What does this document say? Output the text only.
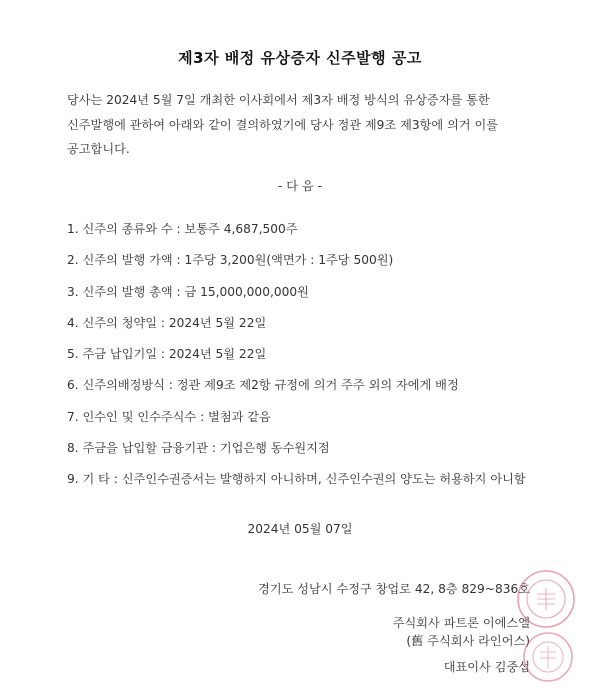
제3자 배정 유상증자 신주발행 공고
당사는 2024년 5월 7일 개최한 이사회에서 제3자 배정 방식의 유상증자를 통한 신주발행에 관하여 아래와 같이 결의하였기에 당사 정관 제9조 제3항에 의거 이를 공고합니다.
- 다 음 -
1. 신주의 종류와 수 : 보통주 4,687,500주
2. 신주의 발행 가액 : 1주당 3,200원(액면가 : 1주당 500원)
3. 신주의 발행 총액 : 금 15,000,000,000원
4. 신주의 청약일 : 2024년 5월 22일
5. 주금 납입기일 : 2024년 5월 22일
6. 신주의배정방식 : 정관 제9조 제2항 규정에 의거 주주 외의 자에게 배정
7. 인수인 및 인수주식수 : 별첨과 같음
8. 주금을 납입할 금융기관 : 기업은행 동수원지점
9. 기 타 : 신주인수권증서는 발행하지 아니하며, 신주인수권의 양도는 허용하지 아니함
2024년 05월 07일
경기도 성남시 수정구 창업로 42, 8층 829~836호
주식회사 파트론 이에스엘
(舊 주식회사 라인어스)
대표이사 김중섭
